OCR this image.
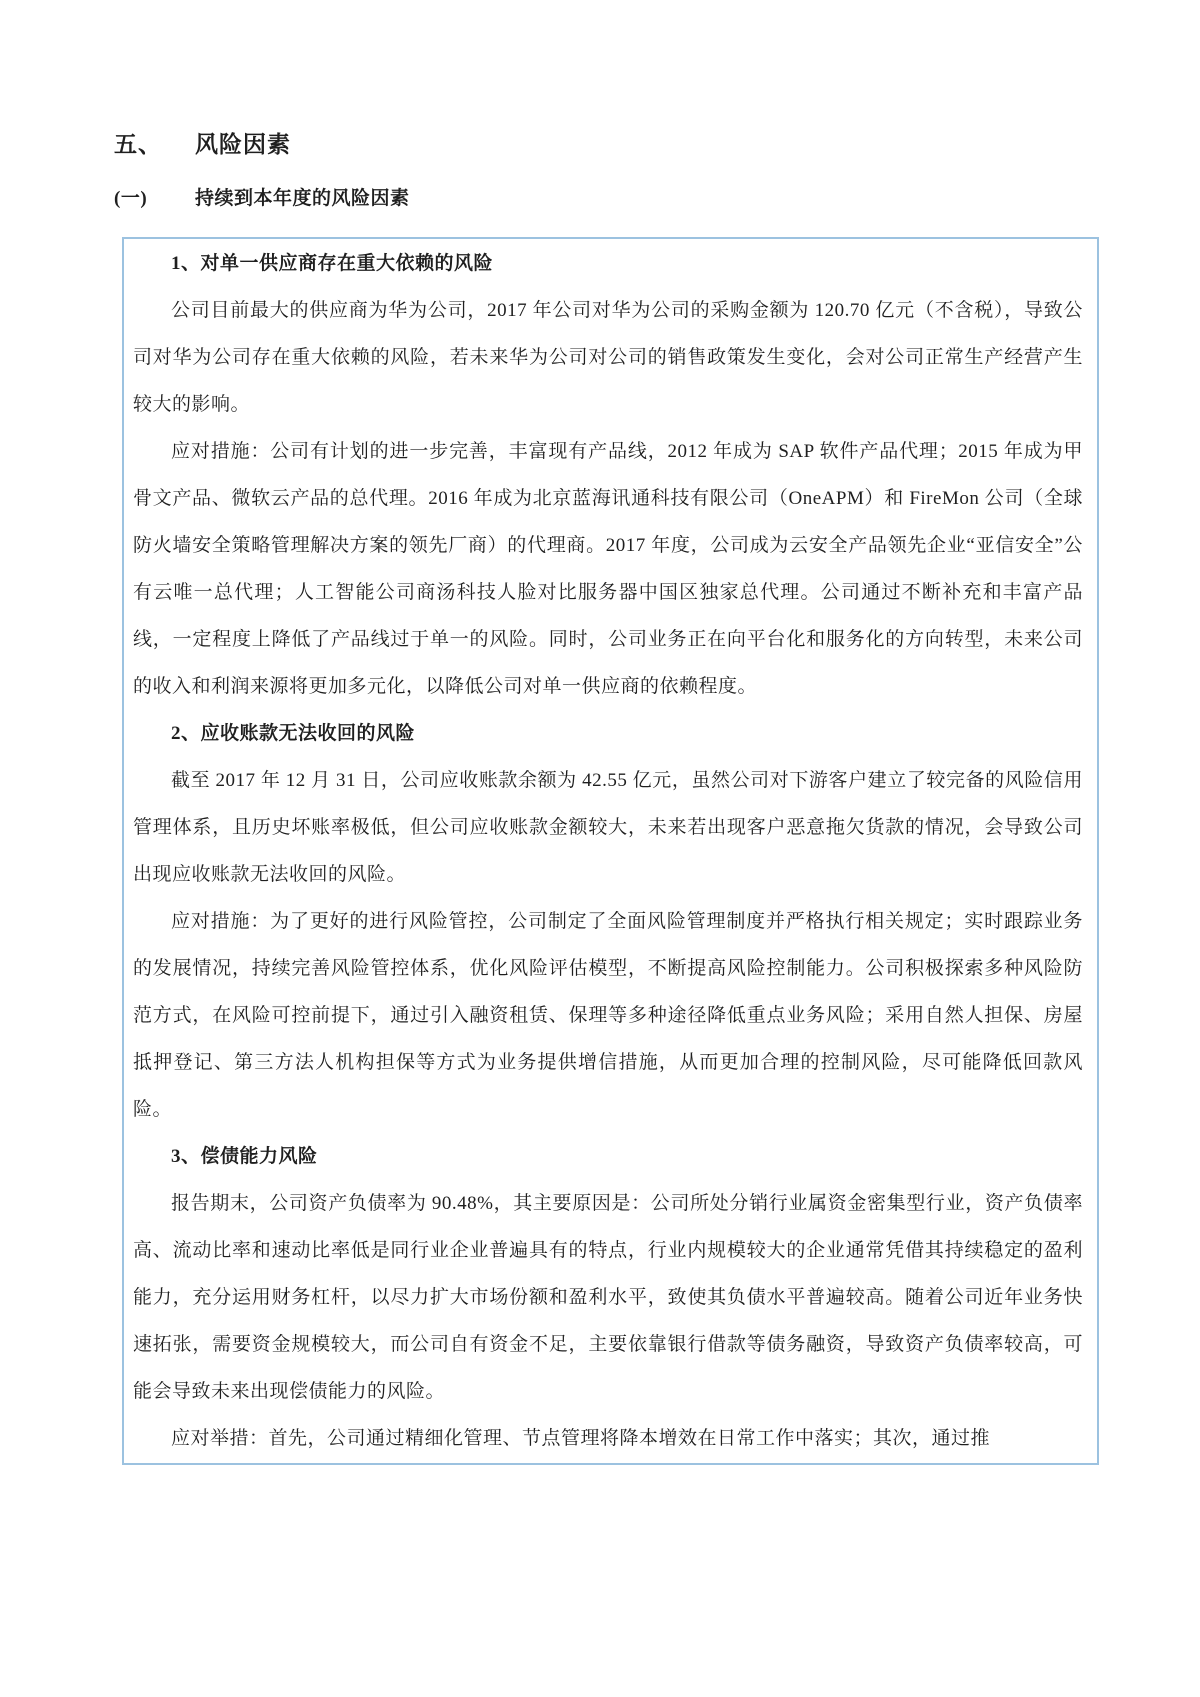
五、	风险因素
(一)	持续到本年度的风险因素

1、对单一供应商存在重大依赖的风险

公司目前最大的供应商为华为公司，2017 年公司对华为公司的采购金额为 120.70 亿元（不含税），导致公司对华为公司存在重大依赖的风险，若未来华为公司对公司的销售政策发生变化，会对公司正常生产经营产生较大的影响。

应对措施：公司有计划的进一步完善，丰富现有产品线，2012 年成为 SAP 软件产品代理；2015 年成为甲骨文产品、微软云产品的总代理。2016 年成为北京蓝海讯通科技有限公司（OneAPM）和 FireMon 公司（全球防火墙安全策略管理解决方案的领先厂商）的代理商。2017 年度，公司成为云安全产品领先企业“亚信安全”公有云唯一总代理；人工智能公司商汤科技人脸对比服务器中国区独家总代理。公司通过不断补充和丰富产品线，一定程度上降低了产品线过于单一的风险。同时，公司业务正在向平台化和服务化的方向转型，未来公司的收入和利润来源将更加多元化，以降低公司对单一供应商的依赖程度。

2、应收账款无法收回的风险

截至 2017 年 12 月 31 日，公司应收账款余额为 42.55 亿元，虽然公司对下游客户建立了较完备的风险信用管理体系，且历史坏账率极低，但公司应收账款金额较大，未来若出现客户恶意拖欠货款的情况，会导致公司出现应收账款无法收回的风险。

应对措施：为了更好的进行风险管控，公司制定了全面风险管理制度并严格执行相关规定；实时跟踪业务的发展情况，持续完善风险管控体系，优化风险评估模型，不断提高风险控制能力。公司积极探索多种风险防范方式，在风险可控前提下，通过引入融资租赁、保理等多种途径降低重点业务风险；采用自然人担保、房屋抵押登记、第三方法人机构担保等方式为业务提供增信措施，从而更加合理的控制风险，尽可能降低回款风险。

3、偿债能力风险

报告期末，公司资产负债率为 90.48%，其主要原因是：公司所处分销行业属资金密集型行业，资产负债率高、流动比率和速动比率低是同行业企业普遍具有的特点，行业内规模较大的企业通常凭借其持续稳定的盈利能力，充分运用财务杠杆，以尽力扩大市场份额和盈利水平，致使其负债水平普遍较高。随着公司近年业务快速拓张，需要资金规模较大，而公司自有资金不足，主要依靠银行借款等债务融资，导致资产负债率较高，可能会导致未来出现偿债能力的风险。

应对举措：首先，公司通过精细化管理、节点管理将降本增效在日常工作中落实；其次，通过推
